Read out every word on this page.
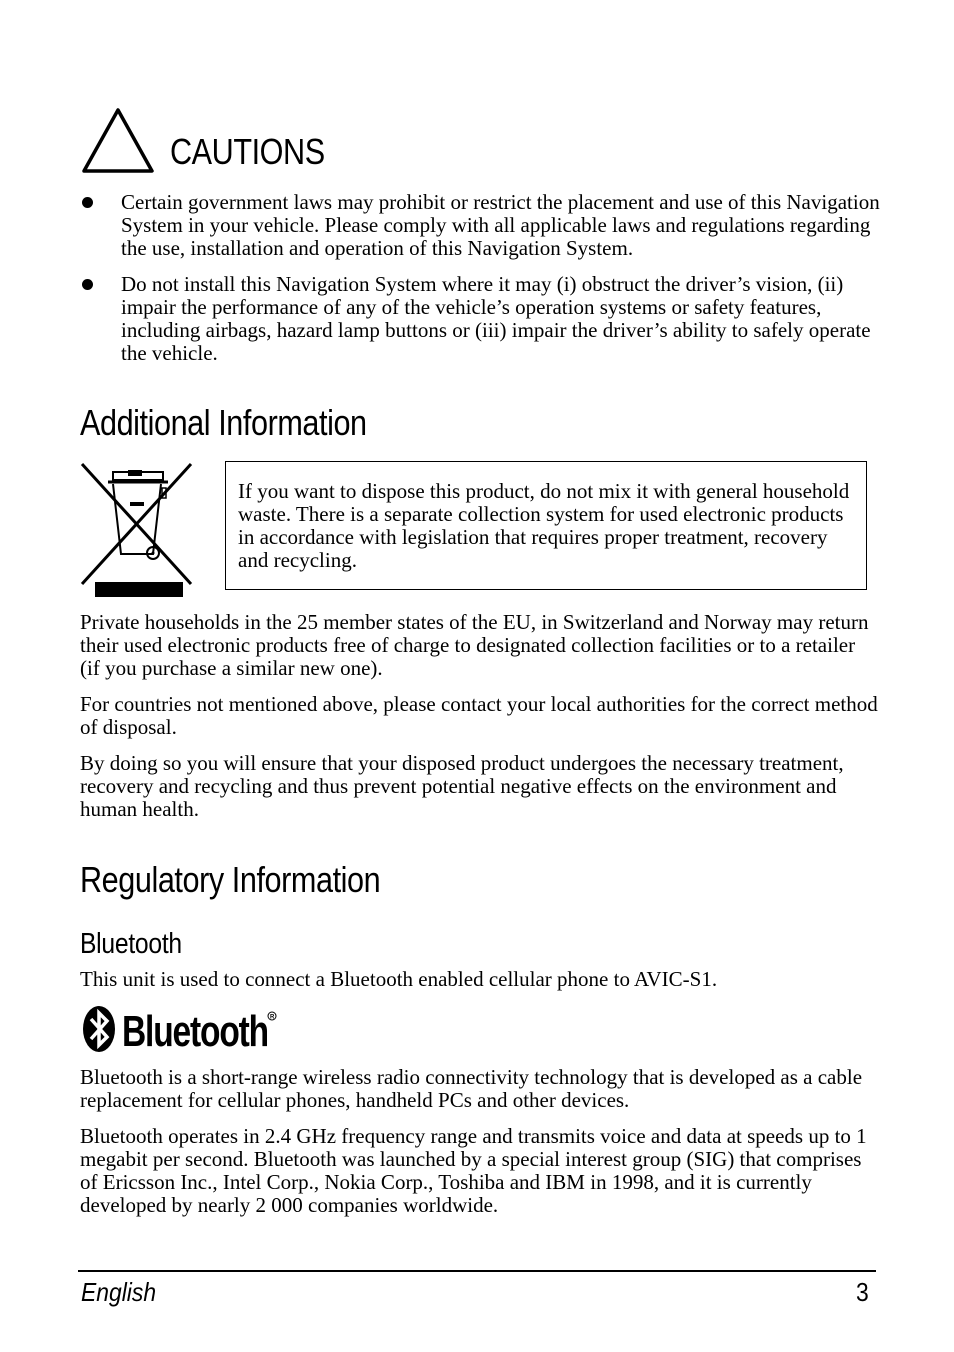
CAUTIONS
Certain government laws may prohibit or restrict the placement and use of this Navigation System in your vehicle. Please comply with all applicable laws and regulations regarding the use, installation and operation of this Navigation System.
Do not install this Navigation System where it may (i) obstruct the driver’s vision, (ii) impair the performance of any of the vehicle’s operation systems or safety features, including airbags, hazard lamp buttons or (iii) impair the driver’s ability to safely operate the vehicle.
Additional Information
If you want to dispose this product, do not mix it with general household waste. There is a separate collection system for used electronic products in accordance with legislation that requires proper treatment, recovery and recycling.
Private households in the 25 member states of the EU, in Switzerland and Norway may return their used electronic products free of charge to designated collection facilities or to a retailer (if you purchase a similar new one).
For countries not mentioned above, please contact your local authorities for the correct method of disposal.
By doing so you will ensure that your disposed product undergoes the necessary treatment, recovery and recycling and thus prevent potential negative effects on the environment and human health.
Regulatory Information
Bluetooth
This unit is used to connect a Bluetooth enabled cellular phone to AVIC-S1.
Bluetooth R
Bluetooth is a short-range wireless radio connectivity technology that is developed as a cable replacement for cellular phones, handheld PCs and other devices.
Bluetooth operates in 2.4 GHz frequency range and transmits voice and data at speeds up to 1 megabit per second. Bluetooth was launched by a special interest group (SIG) that comprises of Ericsson Inc., Intel Corp., Nokia Corp., Toshiba and IBM in 1998, and it is currently developed by nearly 2 000 companies worldwide.
English	3
